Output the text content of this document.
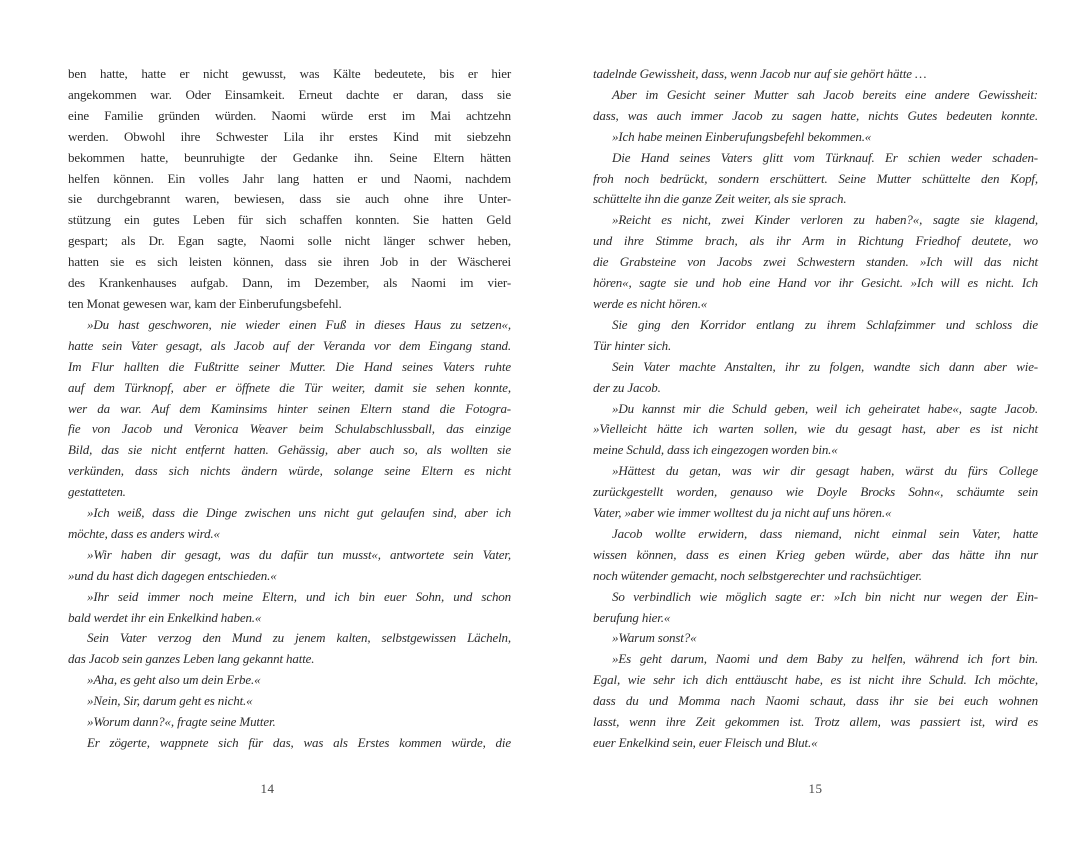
ben hatte, hatte er nicht gewusst, was Kälte bedeutete, bis er hier
angekommen war. Oder Einsamkeit. Erneut dachte er daran, dass sie
eine Familie gründen würden. Naomi würde erst im Mai achtzehn
werden. Obwohl ihre Schwester Lila ihr erstes Kind mit siebzehn
bekommen hatte, beunruhigte der Gedanke ihn. Seine Eltern hätten
helfen können. Ein volles Jahr lang hatten er und Naomi, nachdem
sie durchgebrannt waren, bewiesen, dass sie auch ohne ihre Unter-
stützung ein gutes Leben für sich schaffen konnten. Sie hatten Geld
gespart; als Dr. Egan sagte, Naomi solle nicht länger schwer heben,
hatten sie es sich leisten können, dass sie ihren Job in der Wäscherei
des Krankenhauses aufgab. Dann, im Dezember, als Naomi im vier-
ten Monat gewesen war, kam der Einberufungsbefehl.
»Du hast geschworen, nie wieder einen Fuß in dieses Haus zu setzen«,
hatte sein Vater gesagt, als Jacob auf der Veranda vor dem Eingang stand.
Im Flur hallten die Fußtritte seiner Mutter. Die Hand seines Vaters ruhte
auf dem Türknopf, aber er öffnete die Tür weiter, damit sie sehen konnte,
wer da war. Auf dem Kaminsims hinter seinen Eltern stand die Fotogra-
fie von Jacob und Veronica Weaver beim Schulabschlussball, das einzige
Bild, das sie nicht entfernt hatten. Gehässig, aber auch so, als wollten sie
verkünden, dass sich nichts ändern würde, solange seine Eltern es nicht
gestatteten.
»Ich weiß, dass die Dinge zwischen uns nicht gut gelaufen sind, aber ich
möchte, dass es anders wird.«
»Wir haben dir gesagt, was du dafür tun musst«, antwortete sein Vater,
»und du hast dich dagegen entschieden.«
»Ihr seid immer noch meine Eltern, und ich bin euer Sohn, und schon
bald werdet ihr ein Enkelkind haben.«
Sein Vater verzog den Mund zu jenem kalten, selbstgewissen Lächeln,
das Jacob sein ganzes Leben lang gekannt hatte.
»Aha, es geht also um dein Erbe.«
»Nein, Sir, darum geht es nicht.«
»Worum dann?«, fragte seine Mutter.
Er zögerte, wappnete sich für das, was als Erstes kommen würde, die
14
tadelnde Gewissheit, dass, wenn Jacob nur auf sie gehört hätte …
Aber im Gesicht seiner Mutter sah Jacob bereits eine andere Gewissheit:
dass, was auch immer Jacob zu sagen hatte, nichts Gutes bedeuten konnte.
»Ich habe meinen Einberufungsbefehl bekommen.«
Die Hand seines Vaters glitt vom Türknauf. Er schien weder schaden-
froh noch bedrückt, sondern erschüttert. Seine Mutter schüttelte den Kopf,
schüttelte ihn die ganze Zeit weiter, als sie sprach.
»Reicht es nicht, zwei Kinder verloren zu haben?«, sagte sie klagend,
und ihre Stimme brach, als ihr Arm in Richtung Friedhof deutete, wo
die Grabsteine von Jacobs zwei Schwestern standen. »Ich will das nicht
hören«, sagte sie und hob eine Hand vor ihr Gesicht. »Ich will es nicht. Ich
werde es nicht hören.«
Sie ging den Korridor entlang zu ihrem Schlafzimmer und schloss die
Tür hinter sich.
Sein Vater machte Anstalten, ihr zu folgen, wandte sich dann aber wie-
der zu Jacob.
»Du kannst mir die Schuld geben, weil ich geheiratet habe«, sagte Jacob.
»Vielleicht hätte ich warten sollen, wie du gesagt hast, aber es ist nicht
meine Schuld, dass ich eingezogen worden bin.«
»Hättest du getan, was wir dir gesagt haben, wärst du fürs College
zurückgestellt worden, genauso wie Doyle Brocks Sohn«, schäumte sein
Vater, »aber wie immer wolltest du ja nicht auf uns hören.«
Jacob wollte erwidern, dass niemand, nicht einmal sein Vater, hatte
wissen können, dass es einen Krieg geben würde, aber das hätte ihn nur
noch wütender gemacht, noch selbstgerechter und rachsüchtiger.
So verbindlich wie möglich sagte er: »Ich bin nicht nur wegen der Ein-
berufung hier.«
»Warum sonst?«
»Es geht darum, Naomi und dem Baby zu helfen, während ich fort bin.
Egal, wie sehr ich dich enttäuscht habe, es ist nicht ihre Schuld. Ich möchte,
dass du und Momma nach Naomi schaut, dass ihr sie bei euch wohnen
lasst, wenn ihre Zeit gekommen ist. Trotz allem, was passiert ist, wird es
euer Enkelkind sein, euer Fleisch und Blut.«
15
